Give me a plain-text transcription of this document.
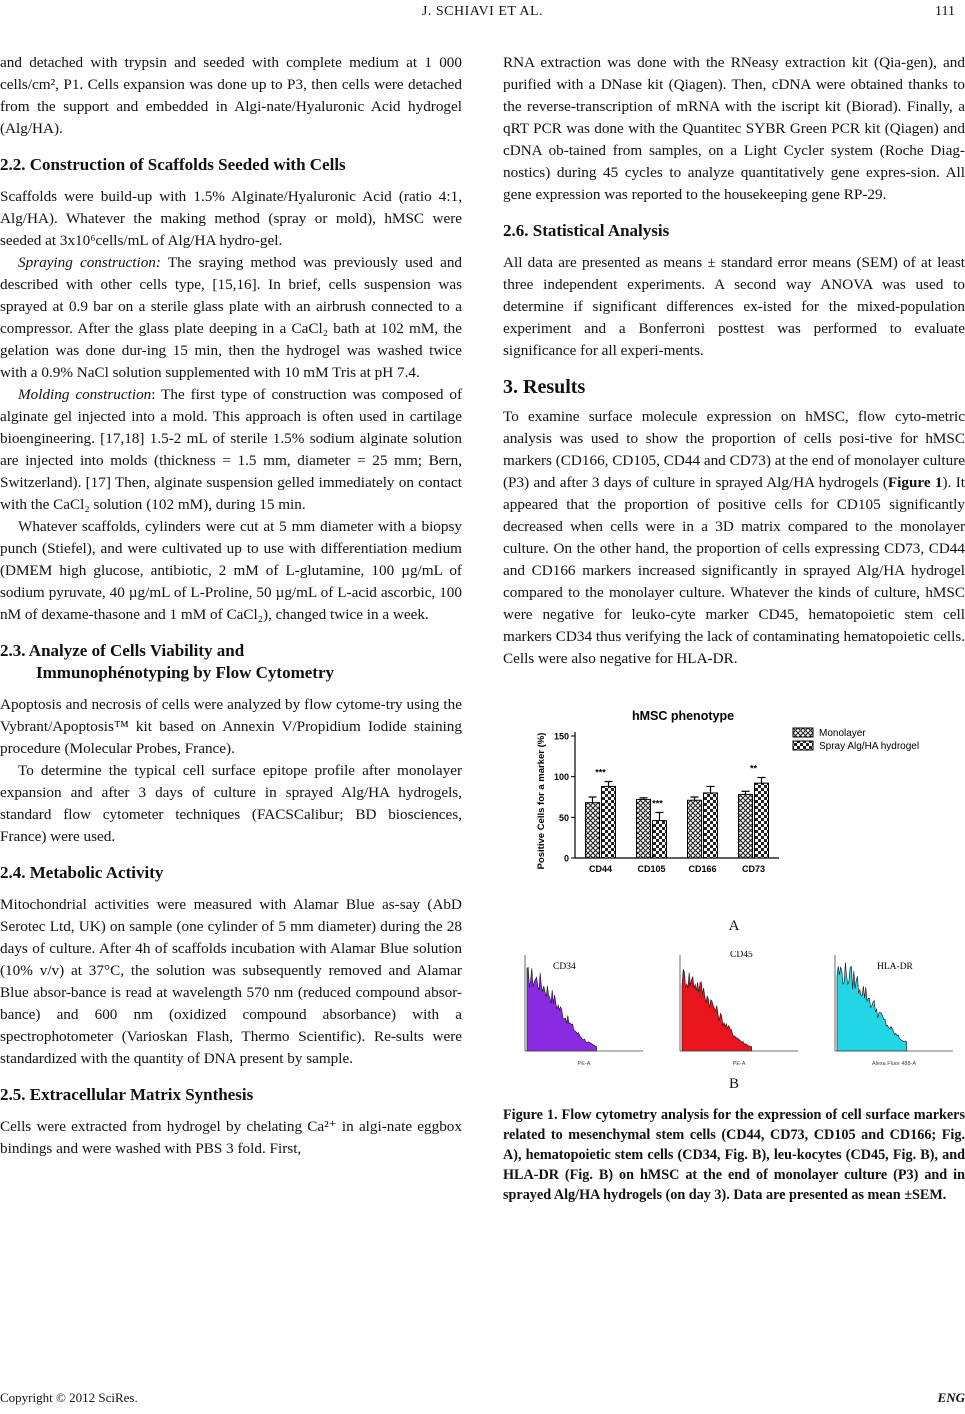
J. SCHIAVI ET AL.	111

and detached with trypsin and seeded with complete medium at 1 000 cells/cm², P1. Cells expansion was done up to P3, then cells were detached from the support and embedded in Algi-nate/Hyaluronic Acid hydrogel (Alg/HA).

2.2. Construction of Scaffolds Seeded with Cells

Scaffolds were build-up with 1.5% Alginate/Hyaluronic Acid (ratio 4:1, Alg/HA). Whatever the making method (spray or mold), hMSC were seeded at 3x10⁶cells/mL of Alg/HA hydro-gel.

Spraying construction: The sraying method was previously used and described with other cells type, [15,16]. In brief, cells suspension was sprayed at 0.9 bar on a sterile glass plate with an airbrush connected to a compressor. After the glass plate deeping in a CaCl₂ bath at 102 mM, the gelation was done dur-ing 15 min, then the hydrogel was washed twice with a 0.9% NaCl solution supplemented with 10 mM Tris at pH 7.4.

Molding construction: The first type of construction was composed of alginate gel injected into a mold. This approach is often used in cartilage bioengineering. [17,18] 1.5-2 mL of sterile 1.5% sodium alginate solution are injected into molds (thickness = 1.5 mm, diameter = 25 mm; Bern, Switzerland). [17] Then, alginate suspension gelled immediately on contact with the CaCl₂ solution (102 mM), during 15 min.

Whatever scaffolds, cylinders were cut at 5 mm diameter with a biopsy punch (Stiefel), and were cultivated up to use with differentiation medium (DMEM high glucose, antibiotic, 2 mM of L-glutamine, 100 µg/mL of sodium pyruvate, 40 µg/mL of L-Proline, 50 µg/mL of L-acid ascorbic, 100 nM of dexame-thasone and 1 mM of CaCl₂), changed twice in a week.

2.3. Analyze of Cells Viability and
Immunophénotyping by Flow Cytometry

Apoptosis and necrosis of cells were analyzed by flow cytome-try using the Vybrant/Apoptosis™ kit based on Annexin V/Propidium Iodide staining procedure (Molecular Probes, France).

To determine the typical cell surface epitope profile after monolayer expansion and after 3 days of culture in sprayed Alg/HA hydrogels, standard flow cytometer techniques (FACSCalibur; BD biosciences, France) were used.

2.4. Metabolic Activity

Mitochondrial activities were measured with Alamar Blue as-say (AbD Serotec Ltd, UK) on sample (one cylinder of 5 mm diameter) during the 28 days of culture. After 4h of scaffolds incubation with Alamar Blue solution (10% v/v) at 37°C, the solution was subsequently removed and Alamar Blue absor-bance is read at wavelength 570 nm (reduced compound absor-bance) and 600 nm (oxidized compound absorbance) with a spectrophotometer (Varioskan Flash, Thermo Scientific). Re-sults were standardized with the quantity of DNA present by sample.

2.5. Extracellular Matrix Synthesis

Cells were extracted from hydrogel by chelating Ca²⁺ in algi-nate eggbox bindings and were washed with PBS 3 fold. First,

RNA extraction was done with the RNeasy extraction kit (Qia-gen), and purified with a DNase kit (Qiagen). Then, cDNA were obtained thanks to the reverse-transcription of mRNA with the iscript kit (Biorad). Finally, a qRT PCR was done with the Quantitec SYBR Green PCR kit (Qiagen) and cDNA ob-tained from samples, on a Light Cycler system (Roche Diag-nostics) during 45 cycles to analyze quantitatively gene expres-sion. All gene expression was reported to the housekeeping gene RP-29.

2.6. Statistical Analysis

All data are presented as means ± standard error means (SEM) of at least three independent experiments. A second way ANOVA was used to determine if significant differences ex-isted for the mixed-population experiment and a Bonferroni posttest was performed to evaluate significance for all experi-ments.

3. Results

To examine surface molecule expression on hMSC, flow cyto-metric analysis was used to show the proportion of cells posi-tive for hMSC markers (CD166, CD105, CD44 and CD73) at the end of monolayer culture (P3) and after 3 days of culture in sprayed Alg/HA hydrogels (Figure 1). It appeared that the proportion of positive cells for CD105 significantly decreased when cells were in a 3D matrix compared to the monolayer culture. On the other hand, the proportion of cells expressing CD73, CD44 and CD166 markers increased significantly in sprayed Alg/HA hydrogel compared to the monolayer culture. Whatever the kinds of culture, hMSC were negative for leuko-cyte marker CD45, hematopoietic stem cell markers CD34 thus verifying the lack of contaminating hematopoietic cells. Cells were also negative for HLA-DR.

hMSC phenotype
Positive Cells for a marker (%) 0
50
100
150
CD44	CD105	CD166	CD73
***
***
**
Monolayer
Spray Alg/HA hydrogel
A
CD34
PE-A
CD45
PE-A
HLA-DR
Alexa Fluor 488-A
B
Figure 1. Flow cytometry analysis for the expression of cell surface markers related to mesenchymal stem cells (CD44, CD73, CD105 and CD166; Fig. A), hematopoietic stem cells (CD34, Fig. B), leu-kocytes (CD45, Fig. B), and HLA-DR (Fig. B) on hMSC at the end of monolayer culture (P3) and in sprayed Alg/HA hydrogels (on day 3). Data are presented as mean ±SEM.
Copyright © 2012 SciRes.	ENG
